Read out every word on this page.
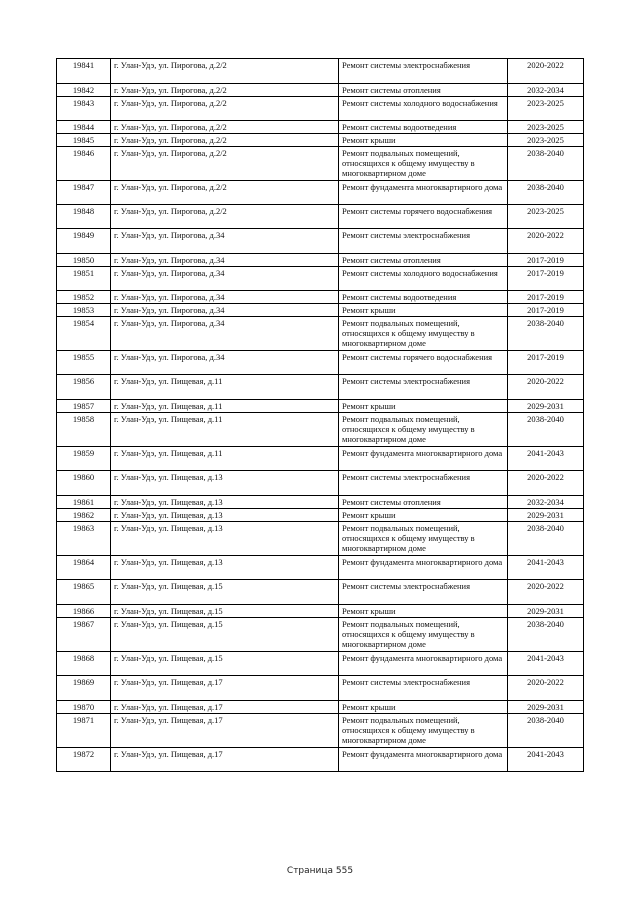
19841	г. Улан-Удэ, ул. Пирогова, д.2/2	Ремонт системы электроснабжения	2020-2022
19842	г. Улан-Удэ, ул. Пирогова, д.2/2	Ремонт системы отопления	2032-2034
19843	г. Улан-Удэ, ул. Пирогова, д.2/2	Ремонт системы холодного водоснабжения	2023-2025
19844	г. Улан-Удэ, ул. Пирогова, д.2/2	Ремонт системы водоотведения	2023-2025
19845	г. Улан-Удэ, ул. Пирогова, д.2/2	Ремонт крыши	2023-2025
19846	г. Улан-Удэ, ул. Пирогова, д.2/2	Ремонт подвальных помещений, относящихся к общему имуществу в многоквартирном доме	2038-2040
19847	г. Улан-Удэ, ул. Пирогова, д.2/2	Ремонт фундамента многоквартирного дома	2038-2040
19848	г. Улан-Удэ, ул. Пирогова, д.2/2	Ремонт системы горячего водоснабжения	2023-2025
19849	г. Улан-Удэ, ул. Пирогова, д.34	Ремонт системы электроснабжения	2020-2022
19850	г. Улан-Удэ, ул. Пирогова, д.34	Ремонт системы отопления	2017-2019
19851	г. Улан-Удэ, ул. Пирогова, д.34	Ремонт системы холодного водоснабжения	2017-2019
19852	г. Улан-Удэ, ул. Пирогова, д.34	Ремонт системы водоотведения	2017-2019
19853	г. Улан-Удэ, ул. Пирогова, д.34	Ремонт крыши	2017-2019
19854	г. Улан-Удэ, ул. Пирогова, д.34	Ремонт подвальных помещений, относящихся к общему имуществу в многоквартирном доме	2038-2040
19855	г. Улан-Удэ, ул. Пирогова, д.34	Ремонт системы горячего водоснабжения	2017-2019
19856	г. Улан-Удэ, ул. Пищевая, д.11	Ремонт системы электроснабжения	2020-2022
19857	г. Улан-Удэ, ул. Пищевая, д.11	Ремонт крыши	2029-2031
19858	г. Улан-Удэ, ул. Пищевая, д.11	Ремонт подвальных помещений, относящихся к общему имуществу в многоквартирном доме	2038-2040
19859	г. Улан-Удэ, ул. Пищевая, д.11	Ремонт фундамента многоквартирного дома	2041-2043
19860	г. Улан-Удэ, ул. Пищевая, д.13	Ремонт системы электроснабжения	2020-2022
19861	г. Улан-Удэ, ул. Пищевая, д.13	Ремонт системы отопления	2032-2034
19862	г. Улан-Удэ, ул. Пищевая, д.13	Ремонт крыши	2029-2031
19863	г. Улан-Удэ, ул. Пищевая, д.13	Ремонт подвальных помещений, относящихся к общему имуществу в многоквартирном доме	2038-2040
19864	г. Улан-Удэ, ул. Пищевая, д.13	Ремонт фундамента многоквартирного дома	2041-2043
19865	г. Улан-Удэ, ул. Пищевая, д.15	Ремонт системы электроснабжения	2020-2022
19866	г. Улан-Удэ, ул. Пищевая, д.15	Ремонт крыши	2029-2031
19867	г. Улан-Удэ, ул. Пищевая, д.15	Ремонт подвальных помещений, относящихся к общему имуществу в многоквартирном доме	2038-2040
19868	г. Улан-Удэ, ул. Пищевая, д.15	Ремонт фундамента многоквартирного дома	2041-2043
19869	г. Улан-Удэ, ул. Пищевая, д.17	Ремонт системы электроснабжения	2020-2022
19870	г. Улан-Удэ, ул. Пищевая, д.17	Ремонт крыши	2029-2031
19871	г. Улан-Удэ, ул. Пищевая, д.17	Ремонт подвальных помещений, относящихся к общему имуществу в многоквартирном доме	2038-2040
19872	г. Улан-Удэ, ул. Пищевая, д.17	Ремонт фундамента многоквартирного дома	2041-2043
Страница 555
